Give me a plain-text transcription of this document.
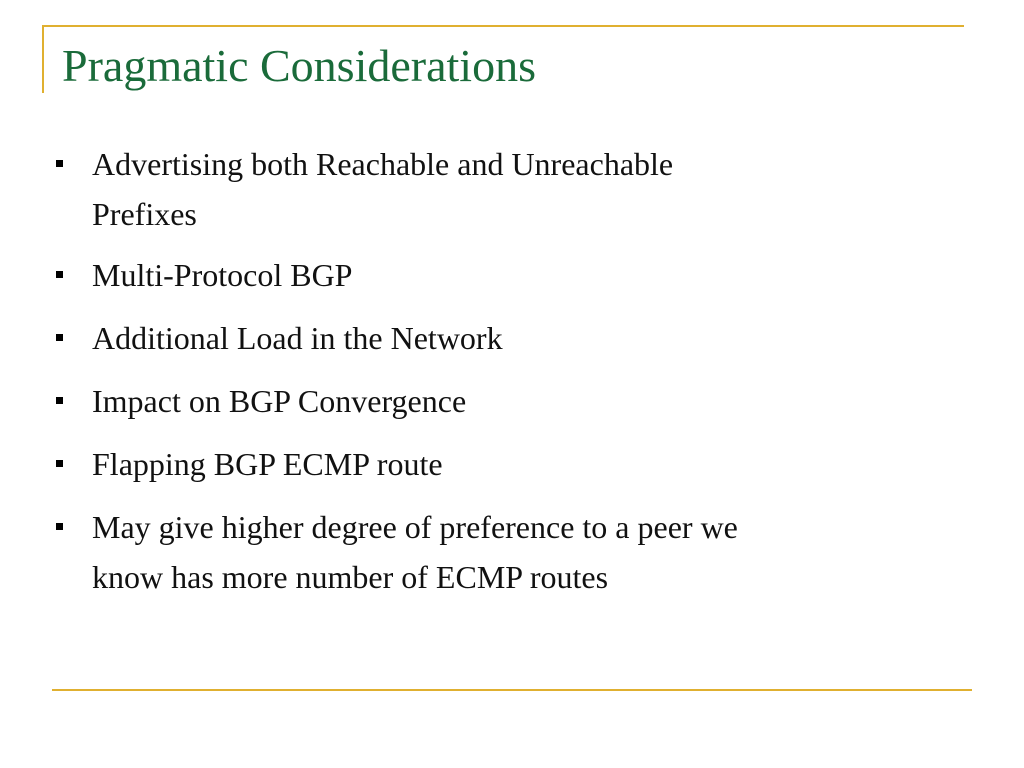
Pragmatic Considerations
Advertising both Reachable and Unreachable
Prefixes
Multi-Protocol BGP
Additional Load in the Network
Impact on BGP Convergence
Flapping BGP ECMP route
May give higher degree of preference to a peer we
know has more number of ECMP routes
